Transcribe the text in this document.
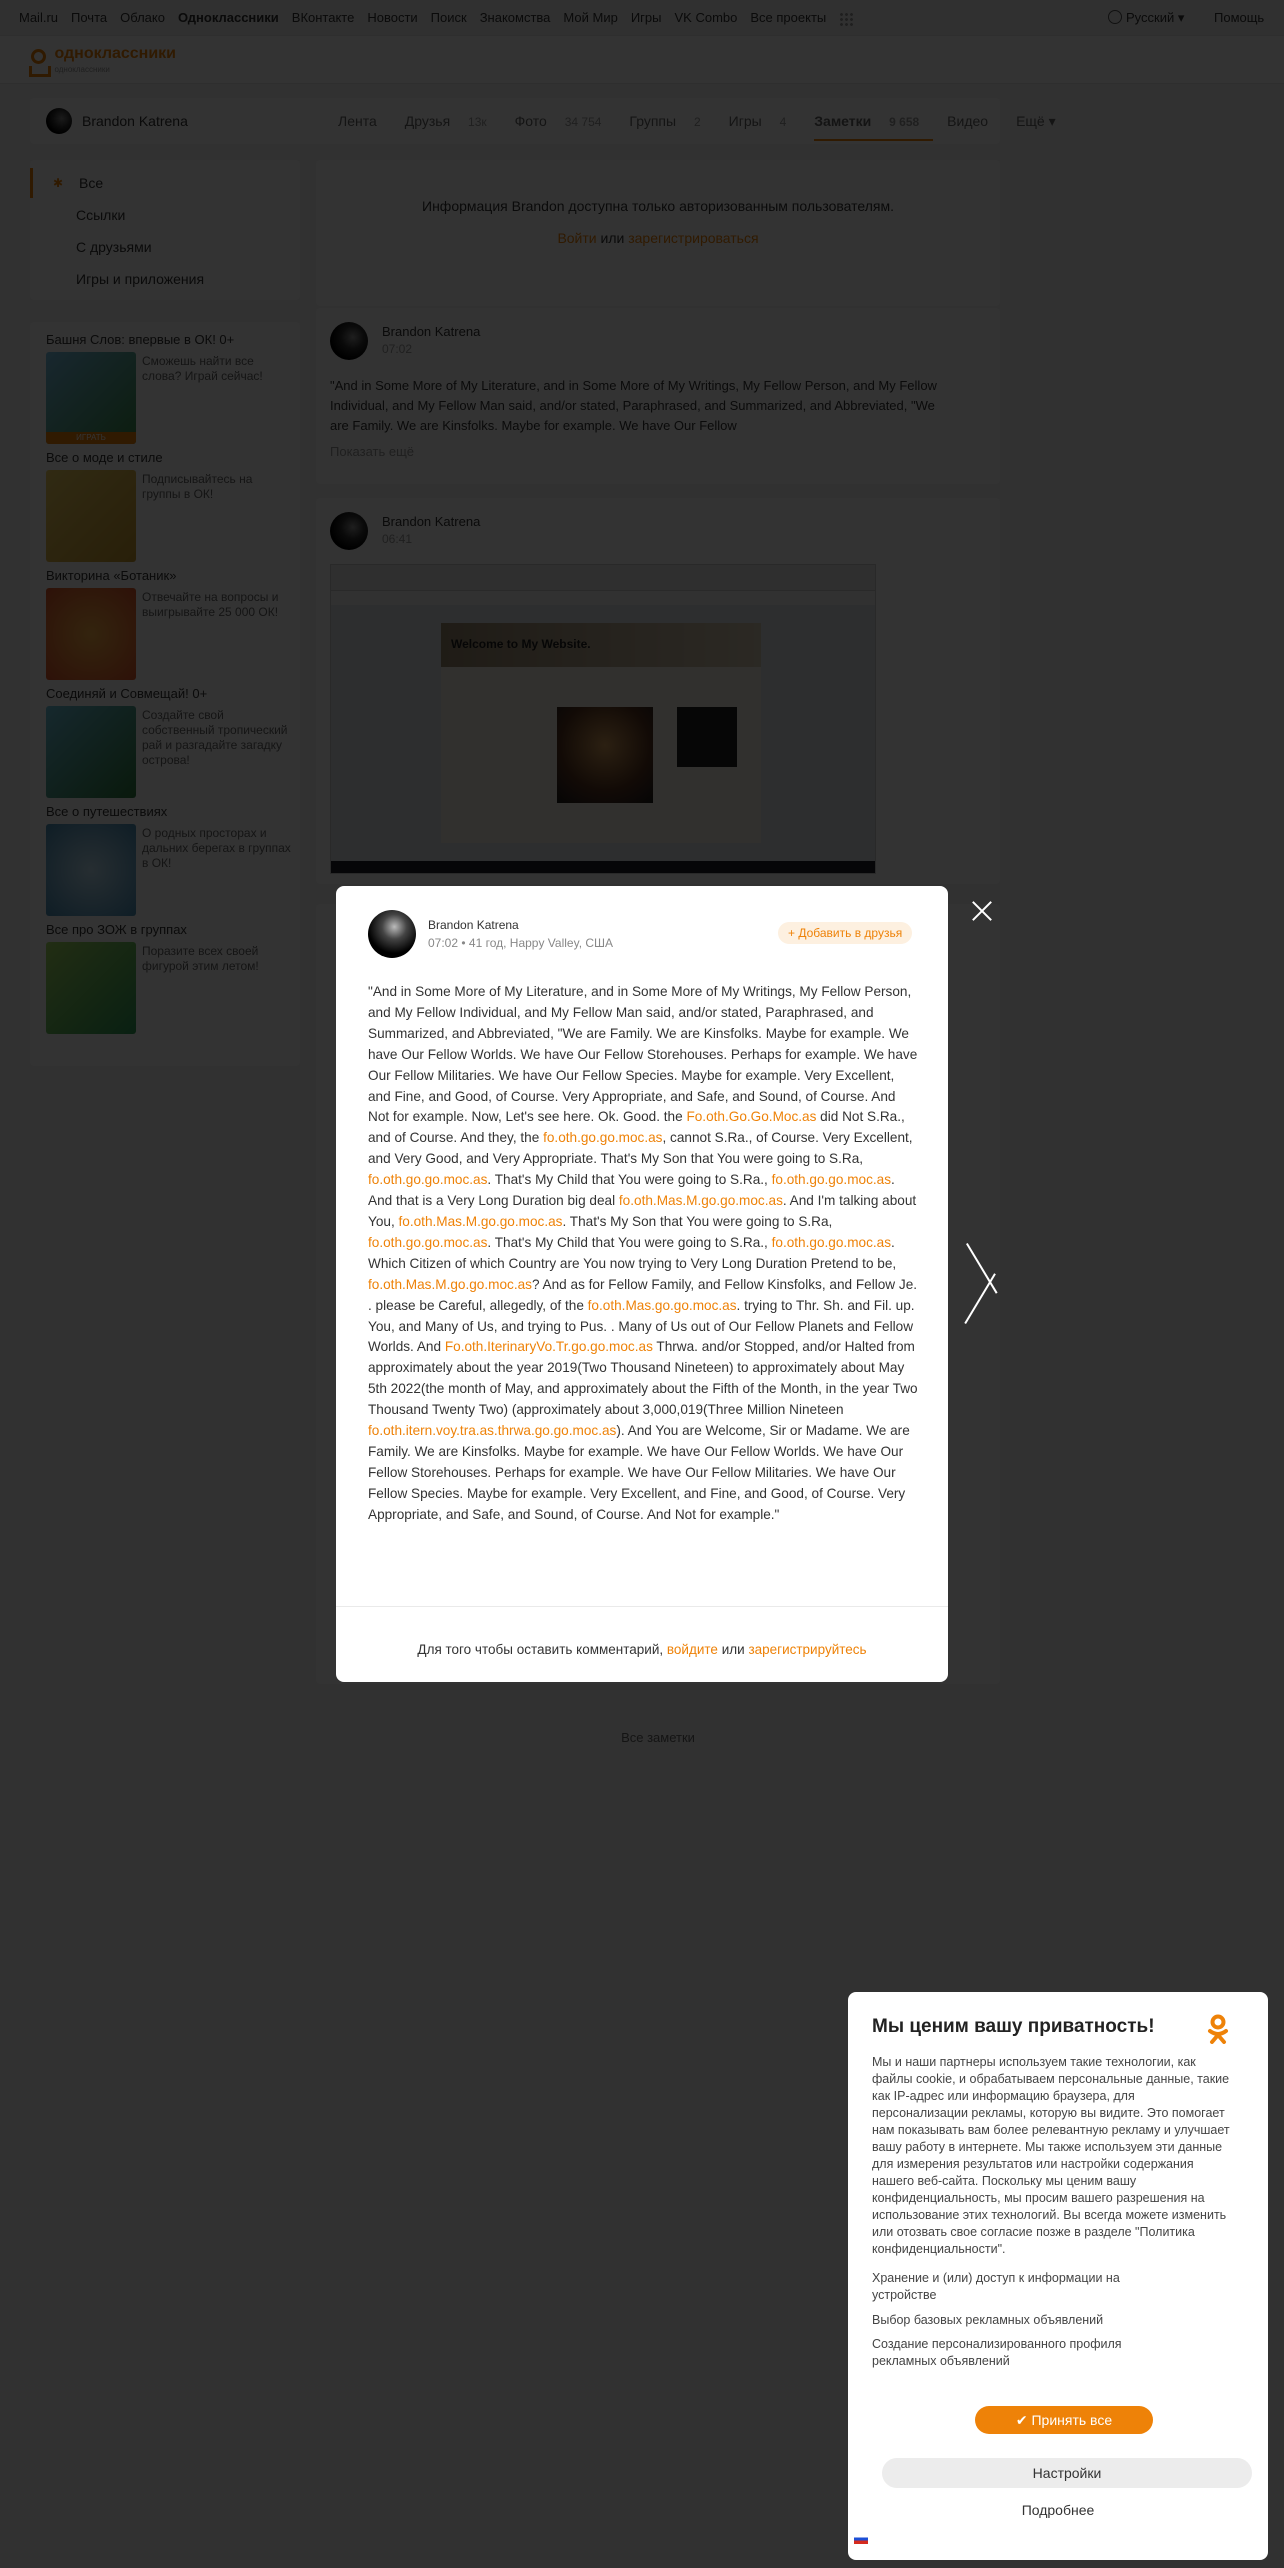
Brandon Katrena
07:02 • 41 год, Happy Valley, США
+ Добавить в друзья
"And in Some More of My Literature, and in Some More of My Writings, My Fellow Person, and My Fellow Individual, and My Fellow Man said, and/or stated, Paraphrased, and Summarized, and Abbreviated, "We are Family. We are Kinsfolks. Maybe for example. We have Our Fellow Worlds. We have Our Fellow Storehouses. Perhaps for example. We have Our Fellow Militaries. We have Our Fellow Species. Maybe for example. Very Excellent, and Fine, and Good, of Course. Very Appropriate, and Safe, and Sound, of Course. And Not for example. Now, Let's see here. Ok. Good. the Fo.oth.Go.Go.Moc.as did Not S.Ra., and of Course. And they, the fo.oth.go.go.moc.as, cannot S.Ra., of Course. Very Excellent, and Very Good, and Very Appropriate. That's My Son that You were going to S.Ra, fo.oth.go.go.moc.as. That's My Child that You were going to S.Ra., fo.oth.go.go.moc.as. And that is a Very Long Duration big deal fo.oth.Mas.M.go.go.moc.as. And I'm talking about You, fo.oth.Mas.M.go.go.moc.as. That's My Son that You were going to S.Ra, fo.oth.go.go.moc.as. That's My Child that You were going to S.Ra., fo.oth.go.go.moc.as. Which Citizen of which Country are You now trying to Very Long Duration Pretend to be, fo.oth.Mas.M.go.go.moc.as? And as for Fellow Family, and Fellow Kinsfolks, and Fellow Je. . please be Careful, allegedly, of the fo.oth.Mas.go.go.moc.as. trying to Thr. Sh. and Fil. up. You, and Many of Us, and trying to Pus. . Many of Us out of Our Fellow Planets and Fellow Worlds. And Fo.oth.IterinaryVo.Tr.go.go.moc.as Thrwa. and/or Stopped, and/or Halted from approximately about the year 2019(Two Thousand Nineteen) to approximately about May 5th 2022(the month of May, and approximately about the Fifth of the Month, in the year Two Thousand Twenty Two) (approximately about 3,000,019(Three Million Nineteen fo.oth.itern.voy.tra.as.thrwa.go.go.moc.as). And You are Welcome, Sir or Madame. We are Family. We are Kinsfolks. Maybe for example. We have Our Fellow Worlds. We have Our Fellow Storehouses. Perhaps for example. We have Our Fellow Militaries. We have Our Fellow Species. Maybe for example. Very Excellent, and Fine, and Good, of Course. Very Appropriate, and Safe, and Sound, of Course. And Not for example."
Для того чтобы оставить комментарий, войдите или зарегистрируйтесь
Мы ценим вашу приватность!
Мы и наши партнеры используем такие технологии, как файлы cookie, и обрабатываем персональные данные, такие как IP-адрес или информацию браузера, для персонализации рекламы, которую вы видите. Это помогает нам показывать вам более релевантную рекламу и улучшает вашу работу в интернете. Мы также используем эти данные для измерения результатов или настройки содержания нашего веб-сайта. Поскольку мы ценим вашу конфиденциальность, мы просим вашего разрешения на использование этих технологий. Вы всегда можете изменить или отозвать свое согласие позже в разделе "Политика конфиденциальности".
Хранение и (или) доступ к информации на устройстве
Выбор базовых рекламных объявлений
Создание персонализированного профиля рекламных объявлений
✔ Принять все
Настройки
Подробнее
